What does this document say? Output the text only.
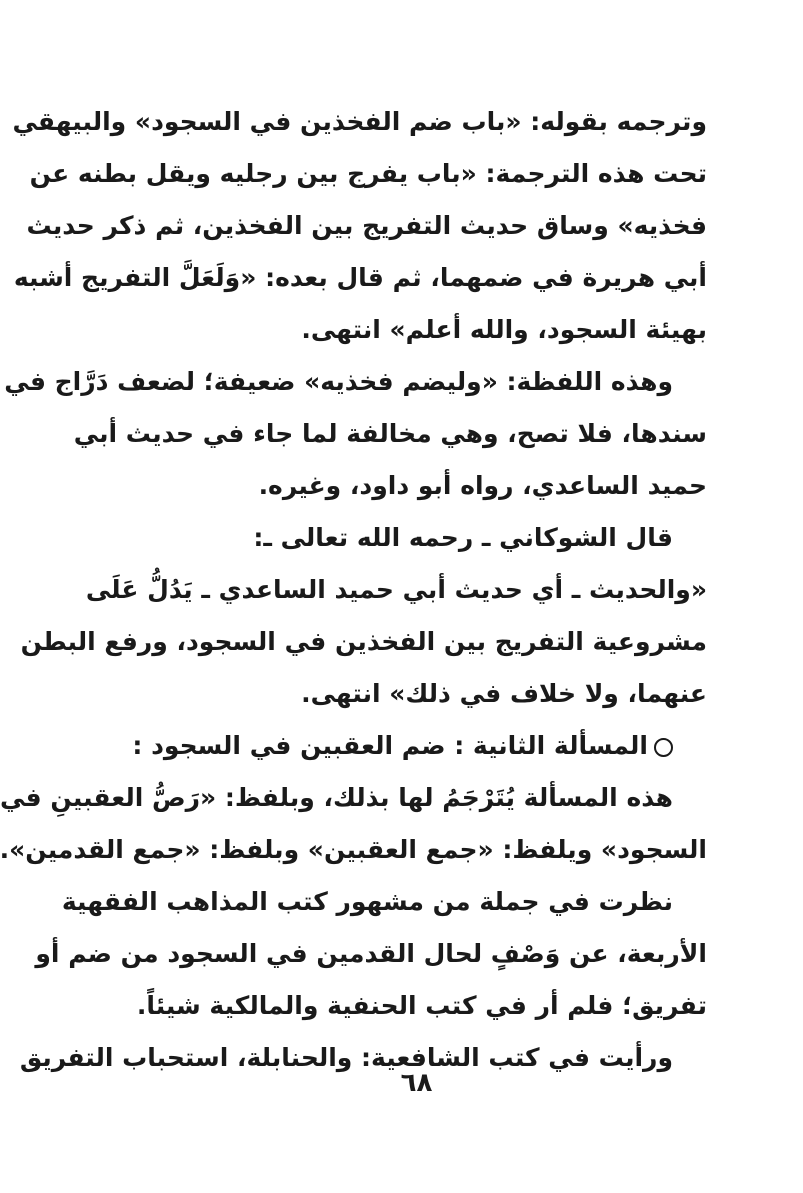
وترجمه بقوله: «باب ضم الفخذين في السجود» والبيهقي
تحت هذه الترجمة: «باب يفرج بين رجليه ويقل بطنه عن
فخذيه» وساق حديث التفريج بين الفخذين، ثم ذكر حديث
أبي هريرة في ضمهما، ثم قال بعده: «وَلَعَلَّ التفريج أشبه
بهيئة السجود، والله أعلم» انتهى.
وهذه اللفظة: «وليضم فخذيه» ضعيفة؛ لضعف دَرَّاج في
سندها، فلا تصح، وهي مخالفة لما جاء في حديث أبي
حميد الساعدي، رواه أبو داود، وغيره.
قال الشوكاني ـ رحمه الله تعالى ـ:
«والحديث ـ أي حديث أبي حميد الساعدي ـ يَدُلُّ عَلَى
مشروعية التفريج بين الفخذين في السجود، ورفع البطن
عنهما، ولا خلاف في ذلك» انتهى.
المسألة الثانية : ضم العقبين في السجود :
هذه المسألة يُتَرْجَمُ لها بذلك، وبلفظ: «رَصُّ العقبينِ في
السجود» ويلفظ: «جمع العقبين» وبلفظ: «جمع القدمين».
نظرت في جملة من مشهور كتب المذاهب الفقهية
الأربعة، عن وَصْفٍ لحال القدمين في السجود من ضم أو
تفريق؛ فلم أر في كتب الحنفية والمالكية شيئاً.
ورأيت في كتب الشافعية: والحنابلة، استحباب التفريق
٦٨
